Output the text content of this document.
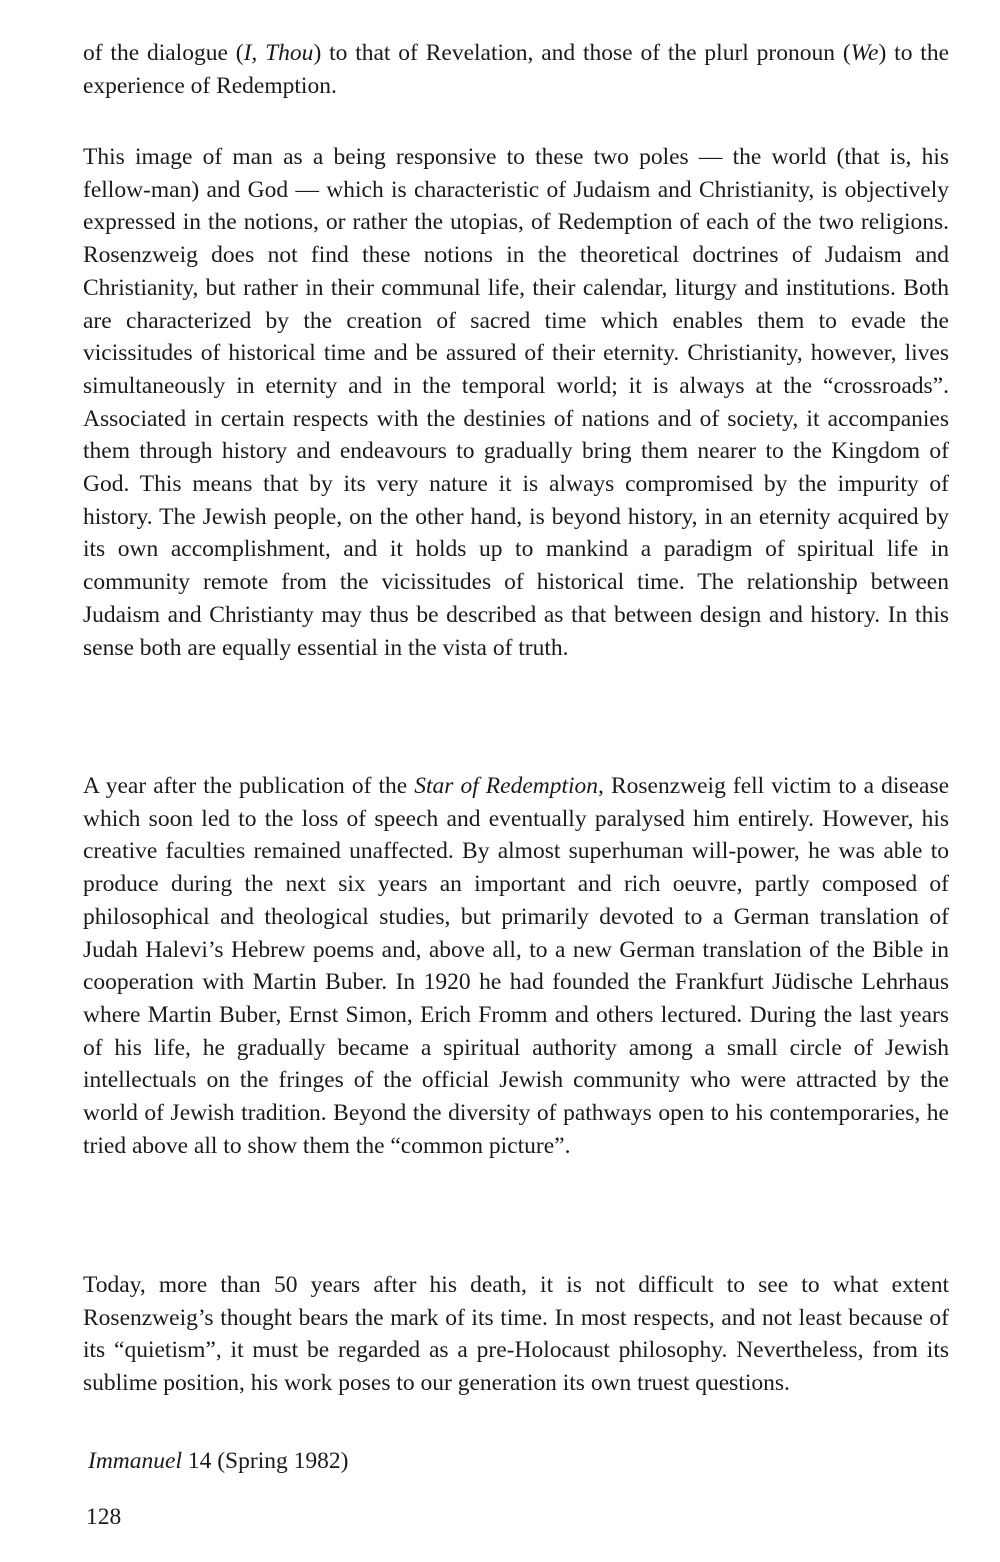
of the dialogue (I, Thou) to that of Revelation, and those of the plurl pronoun (We) to the experience of Redemption.

This image of man as a being responsive to these two poles — the world (that is, his fellow-man) and God — which is characteristic of Judaism and Christianity, is objectively expressed in the notions, or rather the utopias, of Redemption of each of the two religions. Rosenzweig does not find these notions in the theoretical doctrines of Judaism and Christianity, but rather in their communal life, their calendar, liturgy and institutions. Both are characterized by the creation of sacred time which enables them to evade the vicissitudes of historical time and be assured of their eternity. Christianity, however, lives simultaneously in eternity and in the temporal world; it is always at the “crossroads”. Associated in certain respects with the destinies of nations and of society, it accompanies them through history and endeavours to gradually bring them nearer to the Kingdom of God. This means that by its very nature it is always compromised by the impurity of history. The Jewish people, on the other hand, is beyond history, in an eternity acquired by its own accomplishment, and it holds up to mankind a paradigm of spiritual life in community remote from the vicissitudes of historical time. The relationship between Judaism and Christianty may thus be described as that between design and history. In this sense both are equally essential in the vista of truth.

A year after the publication of the Star of Redemption, Rosenzweig fell victim to a disease which soon led to the loss of speech and eventually paralysed him entirely. However, his creative faculties remained unaffected. By almost superhuman will-power, he was able to produce during the next six years an important and rich oeuvre, partly composed of philosophical and theological studies, but primarily devoted to a German translation of Judah Halevi’s Hebrew poems and, above all, to a new German translation of the Bible in cooperation with Martin Buber. In 1920 he had founded the Frankfurt Jüdische Lehrhaus where Martin Buber, Ernst Simon, Erich Fromm and others lectured. During the last years of his life, he gradually became a spiritual authority among a small circle of Jewish intellectuals on the fringes of the official Jewish community who were attracted by the world of Jewish tradition. Beyond the diversity of pathways open to his contemporaries, he tried above all to show them the “common picture”.

Today, more than 50 years after his death, it is not difficult to see to what extent Rosenzweig’s thought bears the mark of its time. In most respects, and not least because of its “quietism”, it must be regarded as a pre-Holocaust philosophy. Nevertheless, from its sublime position, his work poses to our generation its own truest questions.

Immanuel 14 (Spring 1982)
128
